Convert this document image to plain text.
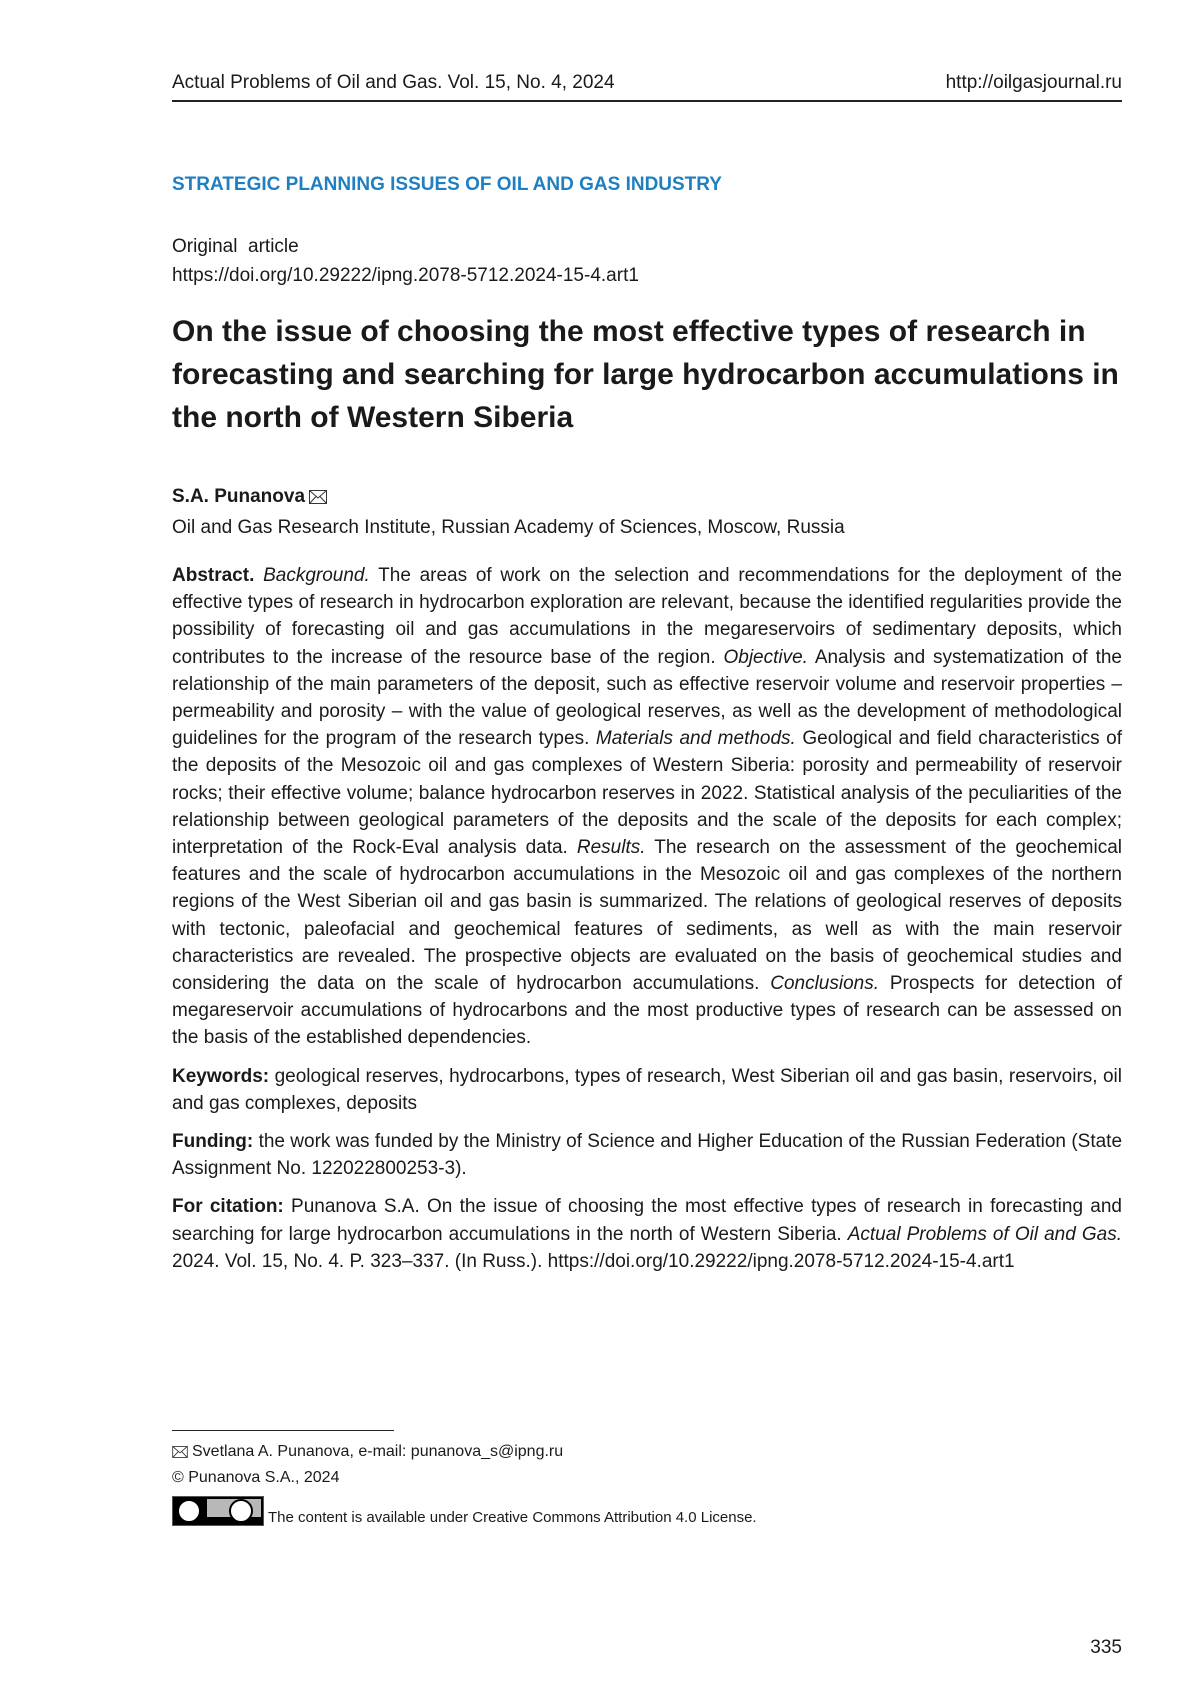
Actual Problems of Oil and Gas. Vol. 15, No. 4, 2024	http://oilgasjournal.ru
STRATEGIC PLANNING ISSUES OF OIL AND GAS INDUSTRY
Original  article
https://doi.org/10.29222/ipng.2078-5712.2024-15-4.art1
On the issue of choosing the most effective types of research in forecasting and searching for large hydrocarbon accumulations in the north of Western Siberia
S.A. Punanova
Oil and Gas Research Institute, Russian Academy of Sciences, Moscow, Russia

Abstract. Background. The areas of work on the selection and recommendations for the deployment of the effective types of research in hydrocarbon exploration are relevant, because the identified regularities provide the possibility of forecasting oil and gas accumulations in the megareservoirs of sedimentary deposits, which contributes to the increase of the resource base of the region. Objective. Analysis and systematization of the relationship of the main parameters of the deposit, such as effective reservoir volume and reservoir properties – permeability and porosity – with the value of geological reserves, as well as the development of methodological guidelines for the program of the research types. Materials and methods. Geological and field characteristics of the deposits of the Mesozoic oil and gas complexes of Western Siberia: porosity and permeability of reservoir rocks; their effective volume; balance hydrocarbon reserves in 2022. Statistical analysis of the peculiarities of the relationship between geological parameters of the deposits and the scale of the deposits for each complex; interpretation of the Rock-Eval analysis data. Results. The research on the assessment of the geochemical features and the scale of hydrocarbon accumulations in the Mesozoic oil and gas complexes of the northern regions of the West Siberian oil and gas basin is summarized. The relations of geological reserves of deposits with tectonic, paleofacial and geochemical features of sediments, as well as with the main reservoir characteristics are revealed. The prospective objects are evaluated on the basis of geochemical studies and considering the data on the scale of hydrocarbon accumulations. Conclusions. Prospects for detection of megareservoir accumulations of hydrocarbons and the most productive types of research can be assessed on the basis of the established dependencies.

Keywords: geological reserves, hydrocarbons, types of research, West Siberian oil and gas basin, reservoirs, oil and gas complexes, deposits

Funding: the work was funded by the Ministry of Science and Higher Education of the Russian Federation (State Assignment No. 122022800253-3).

For citation: Punanova S.A. On the issue of choosing the most effective types of research in forecasting and searching for large hydrocarbon accumulations in the north of Western Siberia. Actual Problems of Oil and Gas. 2024. Vol. 15, No. 4. P. 323–337. (In Russ.). https://doi.org/10.29222/ipng.2078-5712.2024-15-4.art1

Svetlana A. Punanova, e-mail: punanova_s@ipng.ru
© Punanova S.A., 2024
The content is available under Creative Commons Attribution 4.0 License.
335
